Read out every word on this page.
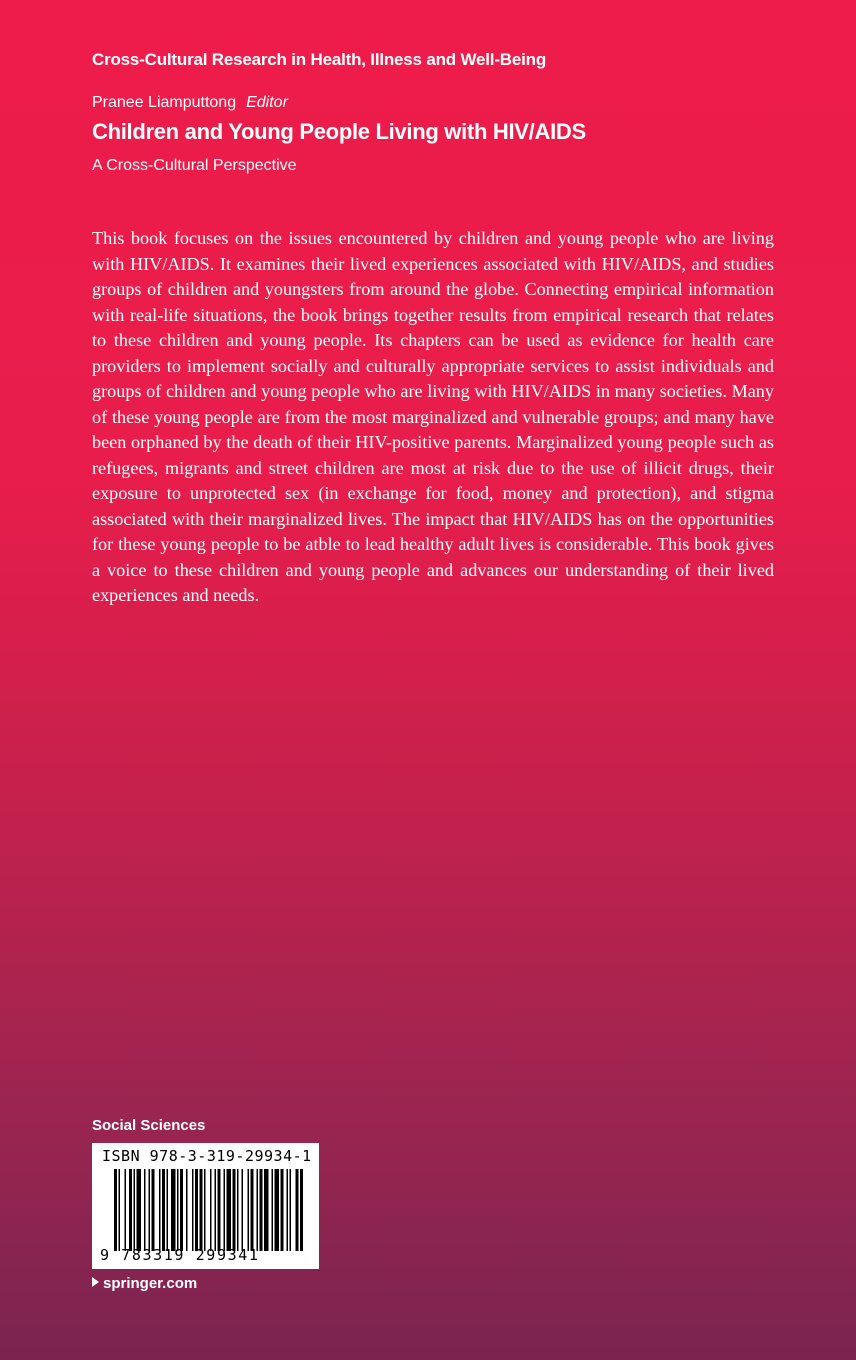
Cross-Cultural Research in Health, Illness and Well-Being
Pranee Liamputtong Editor
Children and Young People Living with HIV/AIDS
A Cross-Cultural Perspective

This book focuses on the issues encountered by children and young people who are living with HIV/AIDS. It examines their lived experiences associated with HIV/AIDS, and studies groups of children and youngsters from around the globe. Connecting empirical information with real-life situations, the book brings together results from empirical research that relates to these children and young people. Its chapters can be used as evidence for health care providers to implement socially and culturally appropriate services to assist individuals and groups of children and young people who are living with HIV/AIDS in many societies. Many of these young people are from the most marginalized and vulnerable groups; and many have been orphaned by the death of their HIV-positive parents. Marginalized young people such as refugees, migrants and street children are most at risk due to the use of illicit drugs, their exposure to unprotected sex (in exchange for food, money and protection), and stigma associated with their marginalized lives. The impact that HIV/AIDS has on the opportunities for these young people to be atble to lead healthy adult lives is considerable. This book gives a voice to these children and young people and advances our understanding of their lived experiences and needs.

Social Sciences
ISBN 978-3-319-29934-1
9 783319 299341
springer.com
